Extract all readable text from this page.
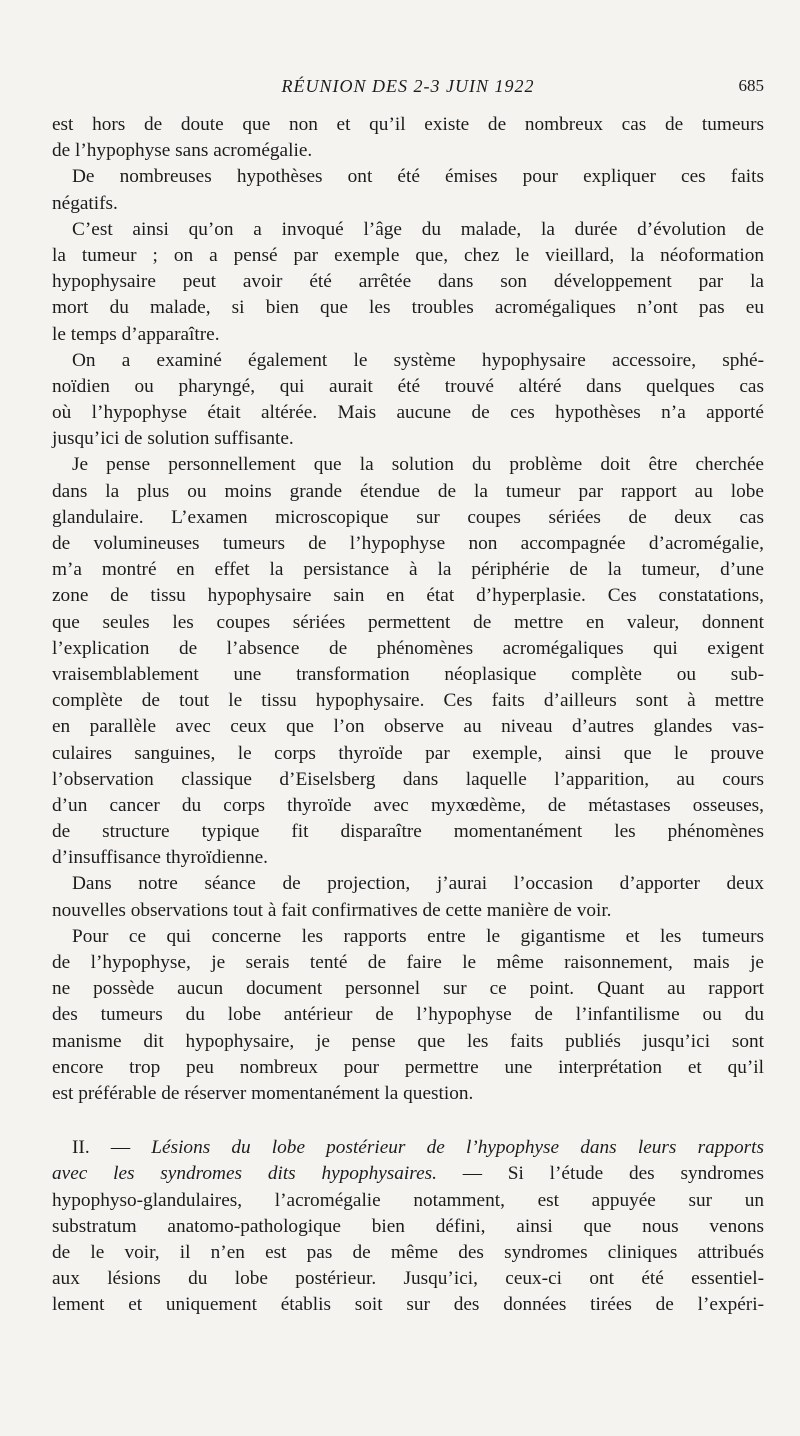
RÉUNION DES 2-3 JUIN 1922	685
est hors de doute que non et qu’il existe de nombreux cas de tumeurs
de l’hypophyse sans acromégalie.
De nombreuses hypothèses ont été émises pour expliquer ces faits
négatifs.
C’est ainsi qu’on a invoqué l’âge du malade, la durée d’évolution de
la tumeur ; on a pensé par exemple que, chez le vieillard, la néoformation
hypophysaire peut avoir été arrêtée dans son développement par la
mort du malade, si bien que les troubles acromégaliques n’ont pas eu
le temps d’apparaître.
On a examiné également le système hypophysaire accessoire, sphé-
noïdien ou pharyngé, qui aurait été trouvé altéré dans quelques cas
où l’hypophyse était altérée. Mais aucune de ces hypothèses n’a apporté
jusqu’ici de solution suffisante.
Je pense personnellement que la solution du problème doit être cherchée
dans la plus ou moins grande étendue de la tumeur par rapport au lobe
glandulaire. L’examen microscopique sur coupes sériées de deux cas
de volumineuses tumeurs de l’hypophyse non accompagnée d’acromégalie,
m’a montré en effet la persistance à la périphérie de la tumeur, d’une
zone de tissu hypophysaire sain en état d’hyperplasie. Ces constatations,
que seules les coupes sériées permettent de mettre en valeur, donnent
l’explication de l’absence de phénomènes acromégaliques qui exigent
vraisemblablement une transformation néoplasique complète ou sub-
complète de tout le tissu hypophysaire. Ces faits d’ailleurs sont à mettre
en parallèle avec ceux que l’on observe au niveau d’autres glandes vas-
culaires sanguines, le corps thyroïde par exemple, ainsi que le prouve
l’observation classique d’Eiselsberg dans laquelle l’apparition, au cours
d’un cancer du corps thyroïde avec myxœdème, de métastases osseuses,
de structure typique fit disparaître momentanément les phénomènes
d’insuffisance thyroïdienne.
Dans notre séance de projection, j’aurai l’occasion d’apporter deux
nouvelles observations tout à fait confirmatives de cette manière de voir.
Pour ce qui concerne les rapports entre le gigantisme et les tumeurs
de l’hypophyse, je serais tenté de faire le même raisonnement, mais je
ne possède aucun document personnel sur ce point. Quant au rapport
des tumeurs du lobe antérieur de l’hypophyse de l’infantilisme ou du
manisme dit hypophysaire, je pense que les faits publiés jusqu’ici sont
encore trop peu nombreux pour permettre une interprétation et qu’il
est préférable de réserver momentanément la question.
II. — Lésions du lobe postérieur de l’hypophyse dans leurs rapports
avec les syndromes dits hypophysaires. — Si l’étude des syndromes
hypophyso-glandulaires, l’acromégalie notamment, est appuyée sur un
substratum anatomo-pathologique bien défini, ainsi que nous venons
de le voir, il n’en est pas de même des syndromes cliniques attribués
aux lésions du lobe postérieur. Jusqu’ici, ceux-ci ont été essentiel-
lement et uniquement établis soit sur des données tirées de l’expéri-
